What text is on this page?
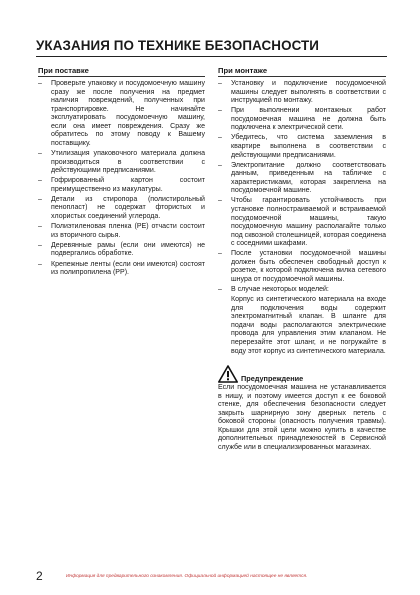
УКАЗАНИЯ ПО ТЕХНИКЕ БЕЗОПАСНОСТИ
При поставке
– Проверьте упаковку и посудомоечную машину сразу же после получения на предмет наличия повреждений, полученных при транспортировке. Не начинайте эксплуатировать посудомоечную машину, если она имеет повреждения. Сразу же обратитесь по этому поводу к Вашему поставщику.
– Утилизация упаковочного материала должна производиться в соответствии с действующими предписаниями.
– Гофрированный картон состоит преимущественно из макулатуры.
– Детали из стиропора (полистирольный пенопласт) не содержат фтористых и хлористых соединений углерода.
– Полиэтиленовая пленка (PE) отчасти состоит из вторичного сырья.
– Деревянные рамы (если они имеются) не подвергались обработке.
– Крепежные ленты (если они имеются) состоят из полипропилена (PP).
При монтаже
– Установку и подключение посудомоечной машины следует выполнять в соответствии с инструкцией по монтажу.
– При выполнении монтажных работ посудомоечная машина не должна быть подключена к электрической сети.
– Убедитесь, что система заземления в квартире выполнена в соответствии с действующими предписаниями.
– Электропитание должно соответствовать данным, приведенным на табличке с характеристиками, которая закреплена на посудомоечной машине.
– Чтобы гарантировать устойчивость при установке полностраиваемой и встраиваемой посудомоечной машины, такую посудомоечную машину располагайте только под сквозной столешницей, которая соединена с соседними шкафами.
– После установки посудомоечной машины должен быть обеспечен свободный доступ к розетке, к которой подключена вилка сетевого шнура от посудомоечной машины.
– В случае некоторых моделей:
Корпус из синтетического материала на входе для подключения воды содержит электромагнитный клапан. В шланге для подачи воды располагаются электрические провода для управления этим клапаном. Не перерезайте этот шланг, и не погружайте в воду этот корпус из синтетического материала.
Предупреждение
Если посудомоечная машина не устанавливается в нишу, и поэтому имеется доступ к ее боковой стенке, для обеспечения безопасности следует закрыть шарнирную зону дверных петель с боковой стороны (опасность получения травмы). Крышки для этой цели можно купить в качестве дополнительных принадлежностей в Сервисной службе или в специализированных магазинах.
2	Информация для предварительного ознакомления. Официальной информацией настоящее не является.
